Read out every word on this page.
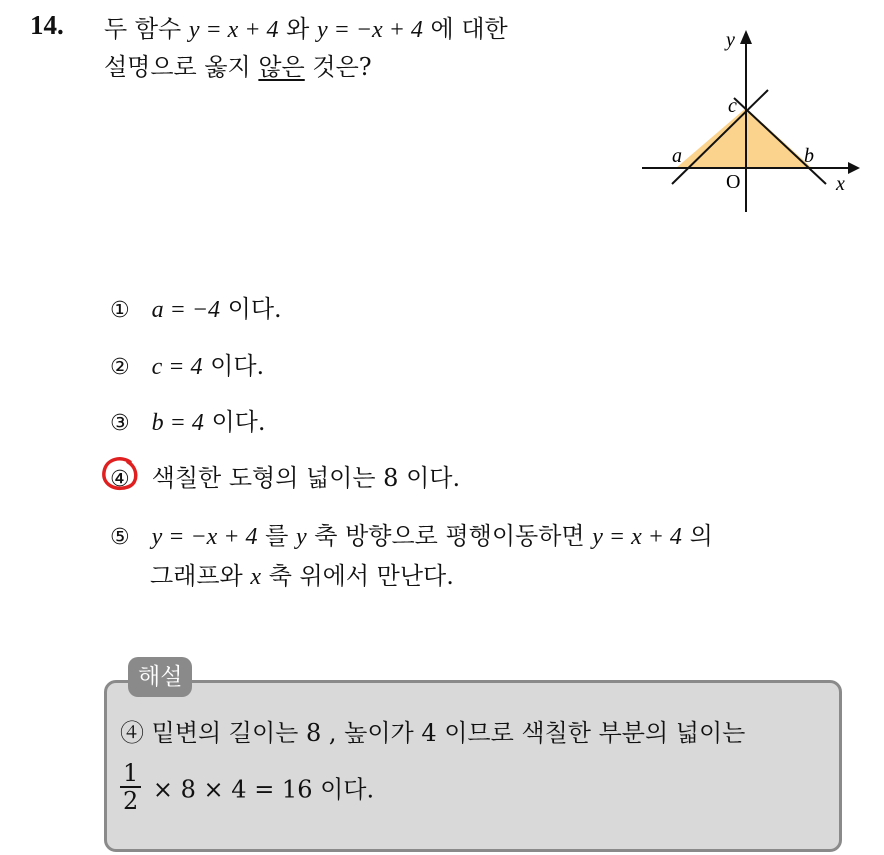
14. 두 함수 y = x + 4 와 y = −x + 4 에 대한
설명으로 옳지 않은 것은?
y
x
O
a	b
c
① a = −4 이다.
② c = 4 이다.
③ b = 4 이다.
④ 색칠한 도형의 넓이는 8 이다.
⑤ y = −x + 4 를 y 축 방향으로 평행이동하면 y = x + 4 의
그래프와 x 축 위에서 만난다.
해설
④ 밑변의 길이는 8 , 높이가 4 이므로 색칠한 부분의 넓이는
$\frac{1}{2} \times 8 \times 4 = 16$ 이다.
